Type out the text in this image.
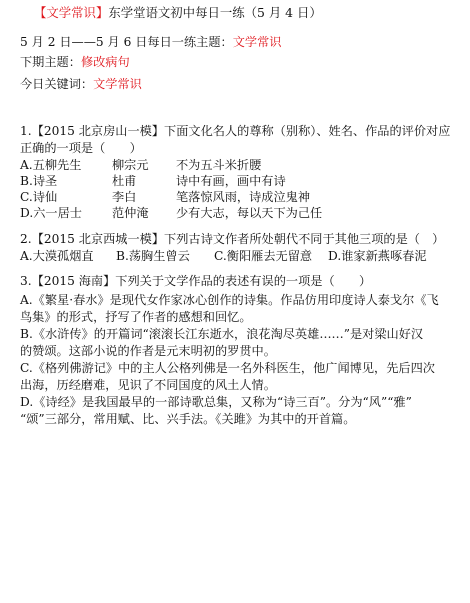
【文学常识】东学堂语文初中每日一练（5 月 4 日）
5 月 2 日——5 月 6 日每日一练主题：文学常识
下期主题：修改病句
今日关键词：文学常识
1.【2015 北京房山一模】下面文化名人的尊称（别称）、姓名、作品的评价对应
正确的一项是（　　）
A.五柳先生	柳宗元 不为五斗米折腰
B.诗圣	杜甫	诗中有画，画中有诗
C.诗仙	李白	笔落惊风雨，诗成泣鬼神
D.六一居士 范仲淹 少有大志，每以天下为己任
2.【2015 北京西城一模】下列古诗文作者所处朝代不同于其他三项的是（　）
A.大漠孤烟直 B.荡胸生曾云 C.衡阳雁去无留意 D.谁家新燕啄春泥
3.【2015 海南】下列关于文学作品的表述有误的一项是（　　）
A.《繁星·春水》是现代女作家冰心创作的诗集。作品仿用印度诗人泰戈尔《飞
鸟集》的形式，抒写了作者的感想和回忆。
B.《水浒传》的开篇词“滚滚长江东逝水，浪花淘尽英雄……”是对梁山好汉
的赞颂。这部小说的作者是元末明初的罗贯中。
C.《格列佛游记》中的主人公格列佛是一名外科医生，他广闻博见，先后四次
出海，历经磨难，见识了不同国度的风土人情。
D.《诗经》是我国最早的一部诗歌总集，又称为“诗三百”。分为“风”“雅”
“颂”三部分，常用赋、比、兴手法。《关雎》为其中的开首篇。
